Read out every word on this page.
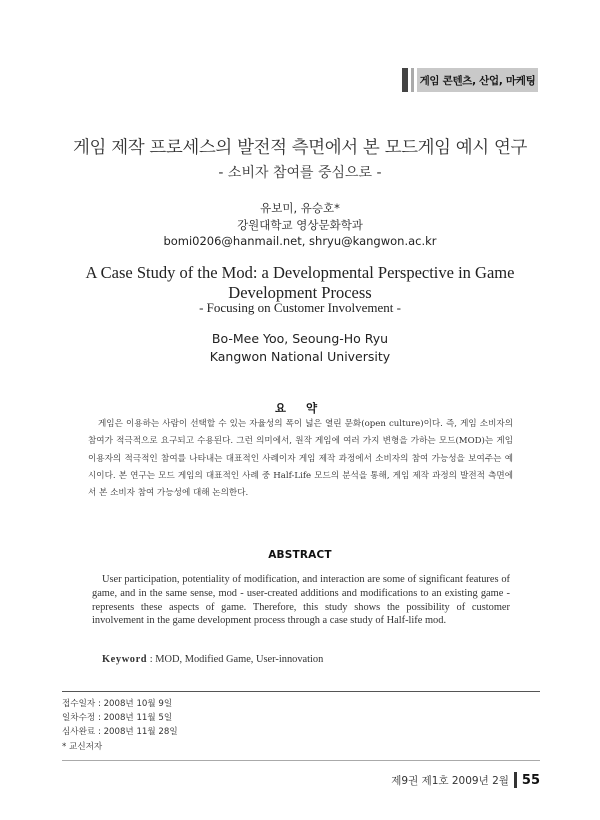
게임 콘텐츠, 산업, 마케팅
게임 제작 프로세스의 발전적 측면에서 본 모드게임 예시 연구
- 소비자 참여를 중심으로 -
유보미, 유승호*
강원대학교 영상문화학과
bomi0206@hanmail.net, shryu@kangwon.ac.kr
A Case Study of the Mod: a Developmental Perspective in Game
Development Process
- Focusing on Customer Involvement -
Bo-Mee Yoo, Seoung-Ho Ryu
Kangwon National University
요 약
게임은 이용하는 사람이 선택할 수 있는 자율성의 폭이 넓은 열린 문화(open culture)이다. 즉, 게임 소비자의 참여가 적극적으로 요구되고 수용된다. 그런 의미에서, 원작 게임에 여러 가지 변형을 가하는 모드(MOD)는 게임 이용자의 적극적인 참여를 나타내는 대표적인 사례이자 게임 제작 과정에서 소비자의 참여 가능성을 보여주는 예시이다. 본 연구는 모드 게임의 대표적인 사례 중 Half-Life 모드의 분석을 통해, 게임 제작 과정의 발전적 측면에서 본 소비자 참여 가능성에 대해 논의한다.
ABSTRACT
User participation, potentiality of modification, and interaction are some of significant features of game, and in the same sense, mod - user-created additions and modifications to an existing game - represents these aspects of game. Therefore, this study shows the possibility of customer involvement in the game development process through a case study of Half-life mod.
Keyword : MOD, Modified Game, User-innovation
접수일자 : 2008년 10월 9일
일차수정 : 2008년 11월 5일
심사완료 : 2008년 11월 28일
* 교신저자
제9권 제1호 2009년 2월 55
